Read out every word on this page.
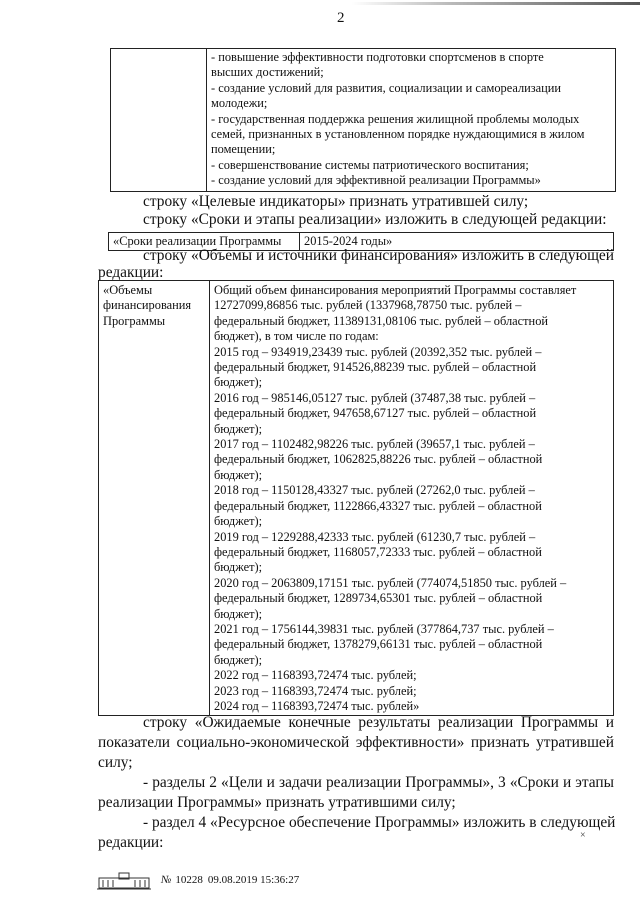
2

- повышение эффективности подготовки спортсменов в спорте
высших достижений;
- создание условий для развития, социализации и самореализации
молодежи;
- государственная поддержка решения жилищной проблемы молодых
семей, признанных в установленном порядке нуждающимися в жилом
помещении;
- совершенствование системы патриотического воспитания;
- создание условий для эффективной реализации Программы»
строку «Целевые индикаторы» признать утратившей силу;
строку «Сроки и этапы реализации» изложить в следующей редакции:
«Сроки реализации Программы	2015-2024 годы»
строку «Объемы и источники финансирования» изложить в следующей
редакции:
«Объемы
финансирования
Программы

Общий объем финансирования мероприятий Программы составляет
12727099,86856 тыс. рублей (1337968,78750 тыс. рублей –
федеральный бюджет, 11389131,08106 тыс. рублей – областной
бюджет), в том числе по годам:
2015 год – 934919,23439 тыс. рублей (20392,352 тыс. рублей –
федеральный бюджет, 914526,88239 тыс. рублей – областной
бюджет);
2016 год – 985146,05127 тыс. рублей (37487,38 тыс. рублей –
федеральный бюджет, 947658,67127 тыс. рублей – областной
бюджет);
2017 год – 1102482,98226 тыс. рублей (39657,1 тыс. рублей –
федеральный бюджет, 1062825,88226 тыс. рублей – областной
бюджет);
2018 год – 1150128,43327 тыс. рублей (27262,0 тыс. рублей –
федеральный бюджет, 1122866,43327 тыс. рублей – областной
бюджет);
2019 год – 1229288,42333 тыс. рублей (61230,7 тыс. рублей –
федеральный бюджет, 1168057,72333 тыс. рублей – областной
бюджет);
2020 год – 2063809,17151 тыс. рублей (774074,51850 тыс. рублей –
федеральный бюджет, 1289734,65301 тыс. рублей – областной
бюджет);
2021 год – 1756144,39831 тыс. рублей (377864,737 тыс. рублей –
федеральный бюджет, 1378279,66131 тыс. рублей – областной
бюджет);
2022 год – 1168393,72474 тыс. рублей;
2023 год – 1168393,72474 тыс. рублей;
2024 год – 1168393,72474 тыс. рублей»
строку «Ожидаемые конечные результаты реализации Программы и
показатели социально-экономической эффективности» признать утратившей
силу;
- разделы 2 «Цели и задачи реализации Программы», 3 «Сроки и этапы
реализации Программы» признать утратившими силу;
- раздел 4 «Ресурсное обеспечение Программы» изложить в следующей
редакции:	×
№ 10228 09.08.2019 15:36:27
